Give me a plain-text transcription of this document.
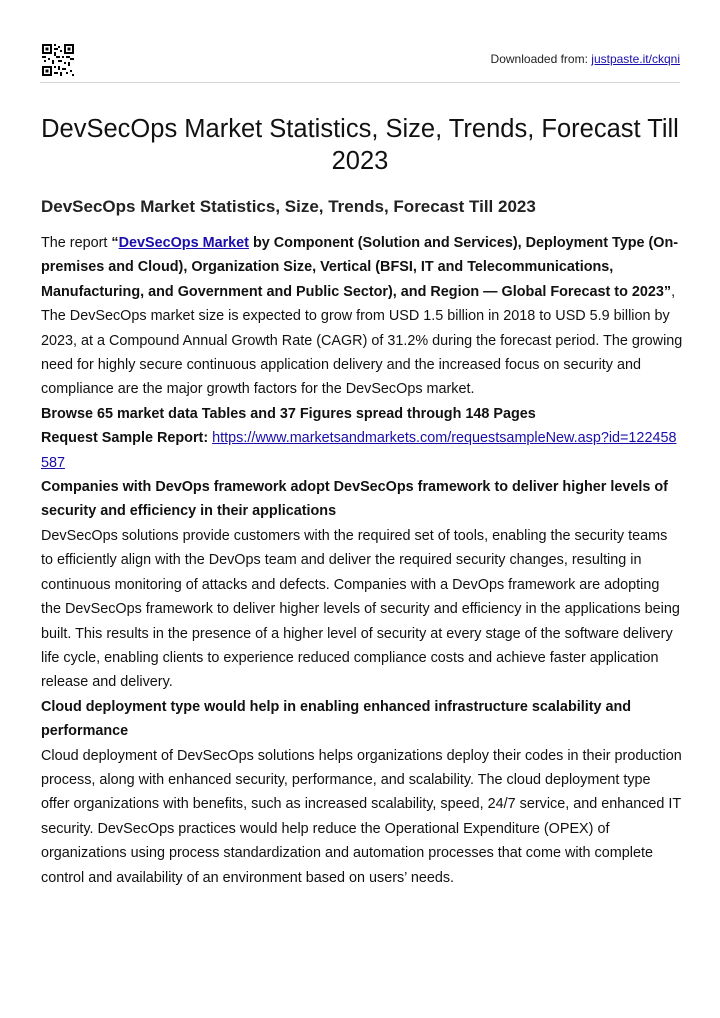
Downloaded from: justpaste.it/ckqni
DevSecOps Market Statistics, Size, Trends, Forecast Till 2023
DevSecOps Market Statistics, Size, Trends, Forecast Till 2023

The report “DevSecOps Market by Component (Solution and Services), Deployment Type (On-premises and Cloud), Organization Size, Vertical (BFSI, IT and Telecommunications, Manufacturing, and Government and Public Sector), and Region — Global Forecast to 2023”, The DevSecOps market size is expected to grow from USD 1.5 billion in 2018 to USD 5.9 billion by 2023, at a Compound Annual Growth Rate (CAGR) of 31.2% during the forecast period. The growing need for highly secure continuous application delivery and the increased focus on security and compliance are the major growth factors for the DevSecOps market.

Browse 65 market data Tables and 37 Figures spread through 148 Pages

Request Sample Report: https://www.marketsandmarkets.com/requestsampleNew.asp?id=122458587

Companies with DevOps framework adopt DevSecOps framework to deliver higher levels of security and efficiency in their applications

DevSecOps solutions provide customers with the required set of tools, enabling the security teams to efficiently align with the DevOps team and deliver the required security changes, resulting in continuous monitoring of attacks and defects. Companies with a DevOps framework are adopting the DevSecOps framework to deliver higher levels of security and efficiency in the applications being built. This results in the presence of a higher level of security at every stage of the software delivery life cycle, enabling clients to experience reduced compliance costs and achieve faster application release and delivery.

Cloud deployment type would help in enabling enhanced infrastructure scalability and performance

Cloud deployment of DevSecOps solutions helps organizations deploy their codes in their production process, along with enhanced security, performance, and scalability. The cloud deployment type offer organizations with benefits, such as increased scalability, speed, 24/7 service, and enhanced IT security. DevSecOps practices would help reduce the Operational Expenditure (OPEX) of organizations using process standardization and automation processes that come with complete control and availability of an environment based on users’ needs.
